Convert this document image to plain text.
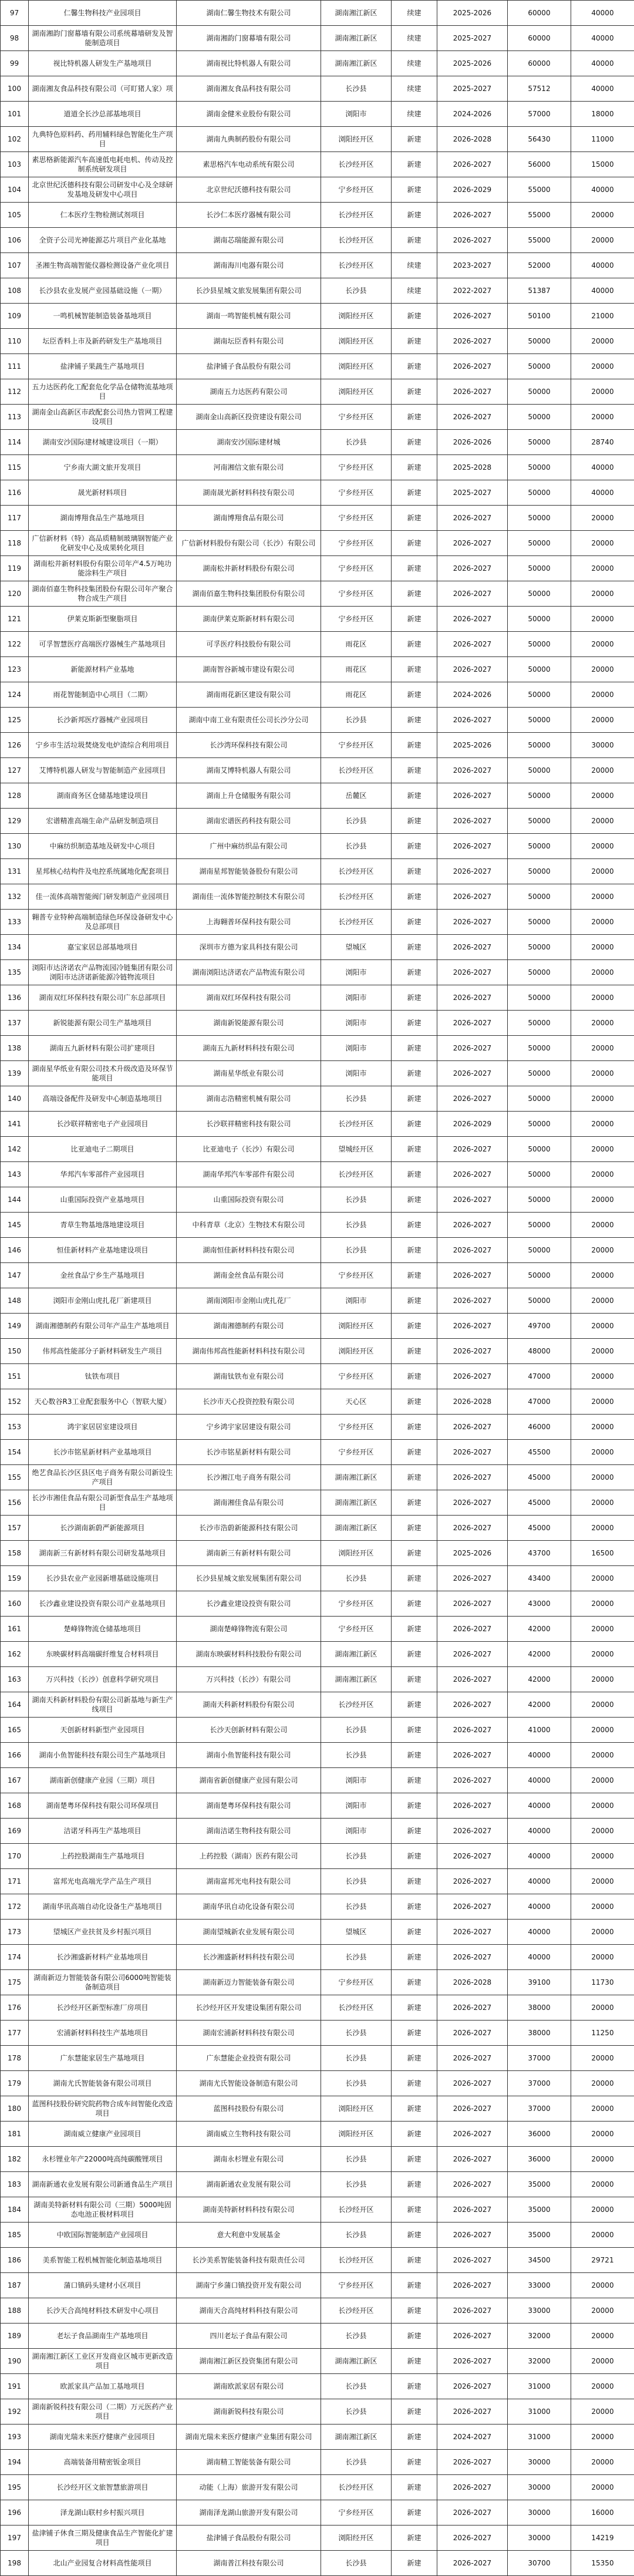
97	仁馨生物科技产业园项目	湖南仁馨生物技术有限公司	湖南湘江新区	续建	2025-2026	60000	40000
98	湖南湘韵门窗幕墙有限公司系统幕墙研发及智能制造项目	湖南湘韵门窗幕墙有限公司	湖南湘江新区	续建	2025-2027	60000	40000
99	视比特机器人研发生产基地项目	湖南视比特机器人有限公司	湖南湘江新区	续建	2025-2026	60000	40000
100	湖南湘友食品科技有限公司（可盯猪人家）项	湖南湘友食品科技有限公司	长沙县	续建	2025-2027	57512	40000
101	道道全长沙总部基地项目	湖南金健米业股份有限公司	浏阳市	续建	2024-2026	57000	18000
102	九典特色原料药、药用辅料绿色智能化生产项目	湖南九典制药股份有限公司	浏阳经开区	新建	2026-2028	56430	11000
103	素思格新能源汽车高速低电耗电机、传动及控制系统研发项目	素思格汽车电动系统有限公司	长沙经开区	新建	2026-2027	56000	15000
104	北京世纪沃德科技有限公司研发中心及全球研发基地及研发中心项目	北京世纪沃德科技有限公司	宁乡经开区	新建	2026-2029	55000	40000
105	仁本医疗生物检测试剂项目	长沙仁本医疗器械有限公司	长沙经开区	新建	2026-2027	55000	20000
106	全资子公司光神能源芯片项目产业化基地	湖南芯瑞能源有限公司	长沙经开区	新建	2026-2027	55000	20000
107	圣湘生物高端智能仪器检测设备产业化项目	湖南海川电器有限公司	长沙经开区	续建	2023-2027	52000	40000
108	长沙县农业发展产业园基础设施（一期）	长沙县星城文旅发展集团有限公司	长沙县	续建	2022-2027	51387	40000
109	一鸣机械智能制造装备基地项目	湖南一鸣智能机械有限公司	浏阳经开区	新建	2026-2027	50100	21000
110	坛臣香料上市及新药研发生产基地项目	湖南坛臣香料有限公司	浏阳经开区	新建	2026-2027	50000	20000
111	盐津铺子果蔬生产基地项目	盐津铺子食品股份有限公司	浏阳经开区	新建	2026-2027	50000	20000
112	五力达医药化工配套危化学品仓储物流基地项目	湖南五力达医药有限公司	浏阳经开区	新建	2026-2027	50000	20000
113	湖南金山高新区市政配套公司热力管网工程建设项目	湖南金山高新区投资建设有限公司	宁乡经开区	新建	2026-2027	50000	20000
114	湖南安沙国际建材城建设项目（一期）	湖南安沙国际建材城	长沙县	新建	2026-2026	50000	28740
115	宁乡南大湖文旅开发项目	河南湘信文旅有限公司	宁乡经开区	新建	2025-2028	50000	40000
116	晟光新材料项目	湖南晟光新材料科技有限公司	宁乡经开区	新建	2025-2027	50000	40000
117	湖南博翔食品生产基地项目	湖南博翔食品有限公司	宁乡经开区	新建	2026-2027	50000	20000
118	广信新材料（特）高品质精制玻璃钢智能产业化研发中心及成果转化项目	广信新材料股份有限公司（长沙）有限公司	宁乡经开区	新建	2026-2027	50000	20000
119	湖南松井新材料股份有限公司年产4.5万吨功能涂料生产项目	湖南松井新材料股份有限公司	宁乡经开区	新建	2026-2027	50000	20000
120	湖南佰嘉生物科技集团股份有限公司年产聚合物合成生产项目	湖南佰嘉生物科技集团股份有限公司	宁乡经开区	新建	2026-2027	50000	20000
121	伊莱克斯新型聚脂项目	湖南伊莱克斯新材料有限公司	宁乡经开区	新建	2026-2027	50000	20000
122	可孚智慧医疗高端医疗器械生产基地项目	可孚医疗科技股份有限公司	雨花区	新建	2026-2027	50000	20000
123	新能源材料产业基地	湖南智谷新城市建设有限公司	雨花区	新建	2026-2027	50000	20000
124	雨花智能制造中心项目（二期）	湖南雨花新区建设有限公司	雨花区	新建	2024-2026	50000	20000
125	长沙新邦医疗器械产业园项目	湖南中南工业有限责任公司长沙分公司	长沙县	新建	2026-2027	50000	20000
126	宁乡市生活垃圾焚烧发电炉渣综合利用项目	长沙湾环保科技有限公司	宁乡经开区	新建	2025-2026	50000	30000
127	艾博特机器人研发与智能制造产业园项目	湖南艾博特机器人有限公司	长沙经开区	新建	2026-2027	50000	20000
128	湖南商务区仓储基地建设项目	湖南上升仓储服务有限公司	岳麓区	新建	2026-2027	50000	20000
129	宏谱精准高端生命产品研发制造项目	湖南宏谱医药科技有限公司	长沙县	新建	2026-2027	50000	20000
130	中麻纺织制造基地及研发中心项目	广州中麻纺织品有限公司	长沙县	新建	2026-2027	50000	20000
131	星邦核心结构件及电控系统属地化配套项目	湖南星邦智能装备股份有限公司	长沙经开区	新建	2026-2027	50000	20000
132	佳一流体高端智能阀门研发制造产业园项目	湖南佳一流体智能控制技术有限公司	长沙经开区	新建	2026-2027	50000	20000
133	翱普专业特种高端制造绿色环保设备研发中心及总部项目	上海翱普环保科技有限公司	长沙经开区	新建	2026-2027	50000	20000
134	嘉宝家居总部基地项目	深圳市方德为家具科技有限公司	望城区	新建	2026-2027	50000	20000
135	浏阳市达济诺农产品物流园冷链集团有限公司浏阳市达济诺新能源冷链物流项目	湖南浏阳达济诺农产品物流有限公司	浏阳市	新建	2026-2027	50000	20000
136	湖南双红环保科技有限公司广东总部项目	湖南双红环保科技有限公司	浏阳市	新建	2026-2027	50000	20000
137	新锐能源有限公司生产基地项目	湖南新锐能源有限公司	浏阳市	新建	2026-2027	50000	20000
138	湖南五九新材料有限公司扩建项目	湖南五九新材料科技有限公司	浏阳市	新建	2026-2027	50000	20000
139	湖南星华纸业有限公司技术升级改造及环保节能项目	湖南星华纸业有限公司	浏阳市	新建	2026-2027	50000	20000
140	高端设备配件及研发中心制造基地项目	湖南志浩精密机械有限公司	长沙县	新建	2026-2027	50000	20000
141	长沙联祥精密电子产业园项目	长沙联祥精密科技有限公司	长沙经开区	新建	2026-2029	50000	20000
142	比亚迪电子二期项目	比亚迪电子（长沙）有限公司	望城经开区	新建	2026-2027	50000	20000
143	华邦汽车零部件产业园项目	湖南华邦汽车零部件有限公司	长沙经开区	新建	2026-2027	50000	20000
144	山重国际投资产业基地项目	山重国际投资有限公司	长沙县	新建	2026-2027	50000	20000
145	青草生物基地落地建设项目	中科青草（北京）生物技术有限公司	长沙县	新建	2026-2027	50000	20000
146	恒佳新材料产业基地建设项目	湖南恒佳新材料科技有限公司	长沙县	新建	2026-2027	50000	20000
147	金丝食品宁乡生产基地项目	湖南金丝食品有限公司	宁乡经开区	新建	2026-2027	50000	20000
148	浏阳市金刚山虎扎花厂新建项目	湖南浏阳市金刚山虎扎花厂	浏阳市	新建	2026-2027	50000	20000
149	湖南湘德制药有限公司年产品生产基地项目	湖南湘德制药有限公司	浏阳经开区	新建	2026-2027	49700	20000
150	伟邦高性能部分子新材料研发生产项目	湖南伟邦高性能新材料科技有限公司	浏阳经开区	新建	2026-2027	48000	20000
151	钛铁布项目	湖南钛铁布业有限公司	宁乡经开区	新建	2026-2027	47000	20000
152	天心数谷R3工业配套服务中心（智联大厦）	长沙市天心投资控股有限公司	天心区	新建	2026-2028	47000	20000
153	鸿宇家居居室建设项目	宁乡鸿宇家居建设有限公司	宁乡经开区	新建	2026-2027	46000	20000
154	长沙市铭星新材料产业基地项目	长沙市铭星新材料有限公司	宁乡经开区	新建	2026-2027	45500	20000
155	绝艺食品长沙区县区电子商务有限公司新设生产项目	长沙湘江电子商务有限公司	湖南湘江新区	新建	2026-2027	45000	20000
156	长沙市湘佳食品有限公司新型食品生产基地项目	湖南湘佳食品有限公司	湖南湘江新区	新建	2026-2027	45000	20000
157	长沙湖南新蔚严新能源项目	长沙市浩蔚新能源科技有限公司	湖南湘江新区	新建	2026-2027	45000	20000
158	湖南新三有新材料有限公司研发基地项目	湖南新三有新材料有限公司	浏阳经开区	新建	2025-2026	43700	16500
159	长沙县农业产业园新增基础设施项目	长沙县星城文旅发展集团有限公司	长沙县	新建	2026-2027	43400	20000
160	长沙鑫业建设投资有限公司产业基地项目	长沙鑫业建设投资有限公司	宁乡经开区	新建	2026-2027	43000	20000
161	楚峰锋物流仓储基地项目	湖南楚峰锋物流有限公司	宁乡经开区	新建	2026-2027	42000	20000
162	东映碳材料高端碳纤维复合材料项目	湖南东映碳材料科技股份有限公司	湖南湘江新区	新建	2026-2027	42000	20000
163	万兴科技（长沙）创意科学研究项目	万兴科技（长沙）有限公司	湖南湘江新区	新建	2026-2027	42000	20000
164	湖南天科新材料股份有限公司新基地与新生产线项目	湖南天科新材料股份有限公司	长沙经开区	新建	2026-2027	42000	20000
165	天创新材料新型产业园项目	长沙天创新材料有限公司	长沙县	新建	2026-2027	41000	20000
166	湖南小鱼智能科技有限公司生产基地项目	湖南小鱼智能科技有限公司	长沙县	新建	2026-2027	40000	20000
167	湖南新创健康产业园（三期）项目	湖南省新创健康产业园有限公司	浏阳市	新建	2026-2027	40000	20000
168	湖南楚粤环保科技有限公司环保项目	湖南楚粤环保科技有限公司	浏阳市	新建	2026-2027	40000	20000
169	洁诺牙科再生产基地项目	湖南洁诺生物科技有限公司	浏阳市	新建	2026-2027	40000	20000
170	上药控股湖南生产基地项目	上药控股（湖南）医药有限公司	长沙县	新建	2026-2027	40000	20000
171	富邦光电高端光学产品生产项目	湖南富邦光电科技有限公司	长沙县	新建	2026-2027	40000	20000
172	湖南华讯高端自动化设备生产基地项目	湖南华讯自动化设备有限公司	长沙县	新建	2026-2027	40000	20000
173	望城区产业扶贫及乡村振兴项目	湖南望城新农业发展有限公司	望城区	新建	2026-2027	40000	20000
174	长沙湘盛新材料产业基地项目	长沙湘盛新材料科技有限公司	长沙县	新建	2026-2027	40000	20000
175	湖南新迈力智能装备有限公司6000吨智能装备制造项目	湖南新迈力智能装备有限公司	宁乡经开区	新建	2026-2028	39100	11730
176	长沙经开区新型标准厂房项目	长沙经开区开发建设集团有限公司	长沙经开区	新建	2026-2027	38000	20000
177	宏浦新材料科技生产基地项目	湖南宏浦新材料科技有限公司	长沙县	新建	2026-2027	38000	11250
178	广东慧能家居生产基地项目	广东慧能企业投资有限公司	长沙县	新建	2026-2027	37000	20000
179	湖南尤氏智能装备有限公司项目	湖南尤氏智能设备制造有限公司	长沙县	新建	2026-2027	37000	20000
180	蓝图科技股份研究院药物合成车间智能化改造项目	蓝图科技股份有限公司	浏阳经开区	新建	2026-2027	37000	20000
181	湖南威立健康产业园项目	湖南威立生物科技有限公司	浏阳经开区	新建	2026-2027	36000	20000
182	永杉锂业年产22000吨高纯碳酸锂项目	湖南永杉锂业有限公司	长沙县	新建	2026-2027	36000	20000
183	湖南新通农业发展有限公司新通食品生产项目	湖南新通农业发展有限公司	长沙县	新建	2026-2027	35000	20000
184	湖南美特新材料有限公司（三期）5000吨固态电池正极材料项目	湖南美特新材料科技有限公司	长沙经开区	新建	2026-2027	35000	20000
185	中欧国际智能制造产业园项目	意大利意中发展基金	长沙县	新建	2026-2027	35000	20000
186	美系智能工程机械智能化制造基地项目	长沙美系智能装备科技有限责任公司	长沙经开区	新建	2026-2027	34500	29721
187	蒲口镇码头建材小区项目	湖南宁乡蒲口镇投资开发有限公司	宁乡经开区	新建	2026-2027	33000	20000
188	长沙天合高纯材料技术研发中心项目	湖南天合高纯材料科技有限公司	长沙经开区	新建	2026-2027	33000	20000
189	老坛子食品湖南生产基地项目	四川老坛子食品有限公司	长沙县	新建	2026-2027	32000	20000
190	湖南湘江新区工业区开发商业区城市更新改造项目	湖南湘江新区投资集团有限公司	湖南湘江新区	新建	2026-2027	32000	20000
191	欧派家具产品加工基地项目	湖南欧派家居有限公司	长沙县	新建	2026-2027	31000	20000
192	湖南新锐科技有限公司（二期）万元医药产业项目	湖南新锐科技有限公司	长沙县	新建	2026-2027	31000	20000
193	湖南光瑞未来医疗健康产业园项目	湖南光瑞未来医疗健康产业集团有限公司	湖南湘江新区	新建	2024-2027	31000	20000
194	高端装备用精密钣金项目	湖南精工智能装备有限公司	长沙县	新建	2026-2027	30000	20000
195	长沙经开区文旅智慧旅游项目	动能（上海）旅游开发有限公司	长沙经开区	新建	2026-2027	30000	20000
196	泽龙湖山联村乡村振兴项目	湖南泽龙湖山旅游开发有限公司	宁乡经开区	新建	2026-2027	30000	16000
197	盐津铺子休食三期及健康食品生产智能化扩建项目	盐津铺子食品股份有限公司	浏阳经开区	新建	2026-2027	30000	14219
198	北山产业园复合材料高性能项目	湖南普江科技有限公司	长沙县	新建	2026-2027	30700	15350
